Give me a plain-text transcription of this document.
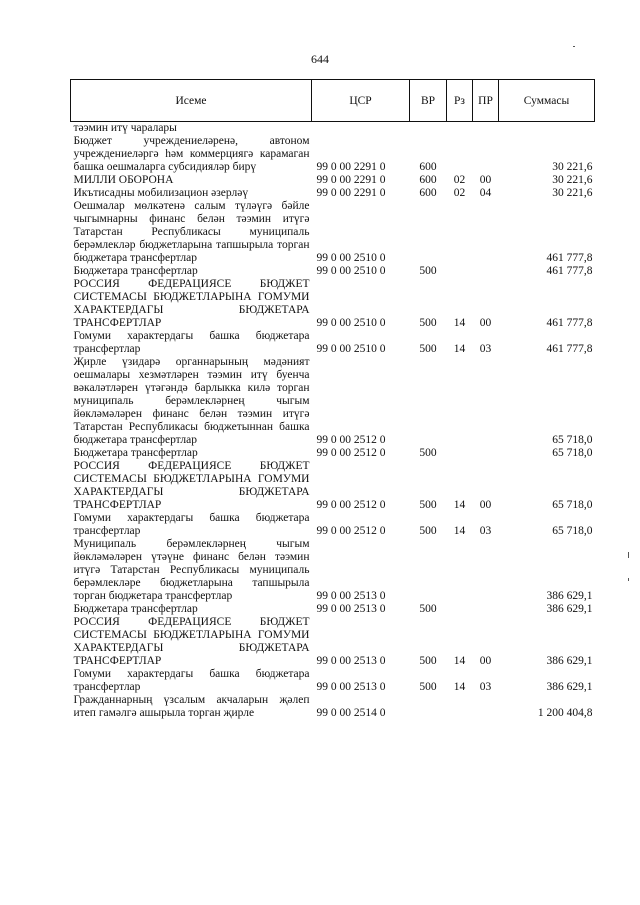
644
Исеме	ЦСР	ВР	Рз	ПР	Суммасы
тәэмин итү чаралары					
Бюджет учреждениеләренә, автоном учреждениеләргә һәм коммерциягә карамаган башка оешмаларга субсидияләр бирү	99 0 00 2291 0	600			30 221,6
МИЛЛИ ОБОРОНА	99 0 00 2291 0	600	02	00	30 221,6
Икътисадны мобилизацион әзерләү	99 0 00 2291 0	600	02	04	30 221,6
Оешмалар мөлкәтенә салым түләүгә бәйле чыгымнарны финанс белән тәэмин итүгә Татарстан Республикасы муниципаль берәмлекләр бюджетларына тапшырыла торган бюджетара трансфертлар	99 0 00 2510 0				461 777,8
Бюджетара трансфертлар	99 0 00 2510 0	500			461 777,8
РОССИЯ ФЕДЕРАЦИЯСЕ БЮДЖЕТ СИСТЕМАСЫ БЮДЖЕТЛАРЫНА ГОМУМИ ХАРАКТЕРДАГЫ БЮДЖЕТАРА ТРАНСФЕРТЛАР	99 0 00 2510 0	500	14	00	461 777,8
Гомуми характердагы башка бюджетара трансфертлар	99 0 00 2510 0	500	14	03	461 777,8
Җирле үзидарә органнарының мәдәният оешмалары хезмәтләрен тәэмин итү буенча вәкаләтләрен үтәгәндә барлыкка килә торган муниципаль берәмлекләрнең чыгым йөкләмәләрен финанс белән тәэмин итүгә Татарстан Республикасы бюджетыннан башка бюджетара трансфертлар	99 0 00 2512 0				65 718,0
Бюджетара трансфертлар	99 0 00 2512 0	500			65 718,0
РОССИЯ ФЕДЕРАЦИЯСЕ БЮДЖЕТ СИСТЕМАСЫ БЮДЖЕТЛАРЫНА ГОМУМИ ХАРАКТЕРДАГЫ БЮДЖЕТАРА ТРАНСФЕРТЛАР	99 0 00 2512 0	500	14	00	65 718,0
Гомуми характердагы башка бюджетара трансфертлар	99 0 00 2512 0	500	14	03	65 718,0
Муниципаль берәмлекләрнең чыгым йөкләмәләрен үтәүне финанс белән тәэмин итүгә Татарстан Республикасы муниципаль берәмлекләре бюджетларына тапшырыла торган бюджетара трансфертлар	99 0 00 2513 0				386 629,1
Бюджетара трансфертлар	99 0 00 2513 0	500			386 629,1
РОССИЯ ФЕДЕРАЦИЯСЕ БЮДЖЕТ СИСТЕМАСЫ БЮДЖЕТЛАРЫНА ГОМУМИ ХАРАКТЕРДАГЫ БЮДЖЕТАРА ТРАНСФЕРТЛАР	99 0 00 2513 0	500	14	00	386 629,1
Гомуми характердагы башка бюджетара трансфертлар	99 0 00 2513 0	500	14	03	386 629,1
Гражданнарның үзсалым акчаларын җәлеп итеп гамәлгә ашырыла торган җирле	99 0 00 2514 0				1 200 404,8
